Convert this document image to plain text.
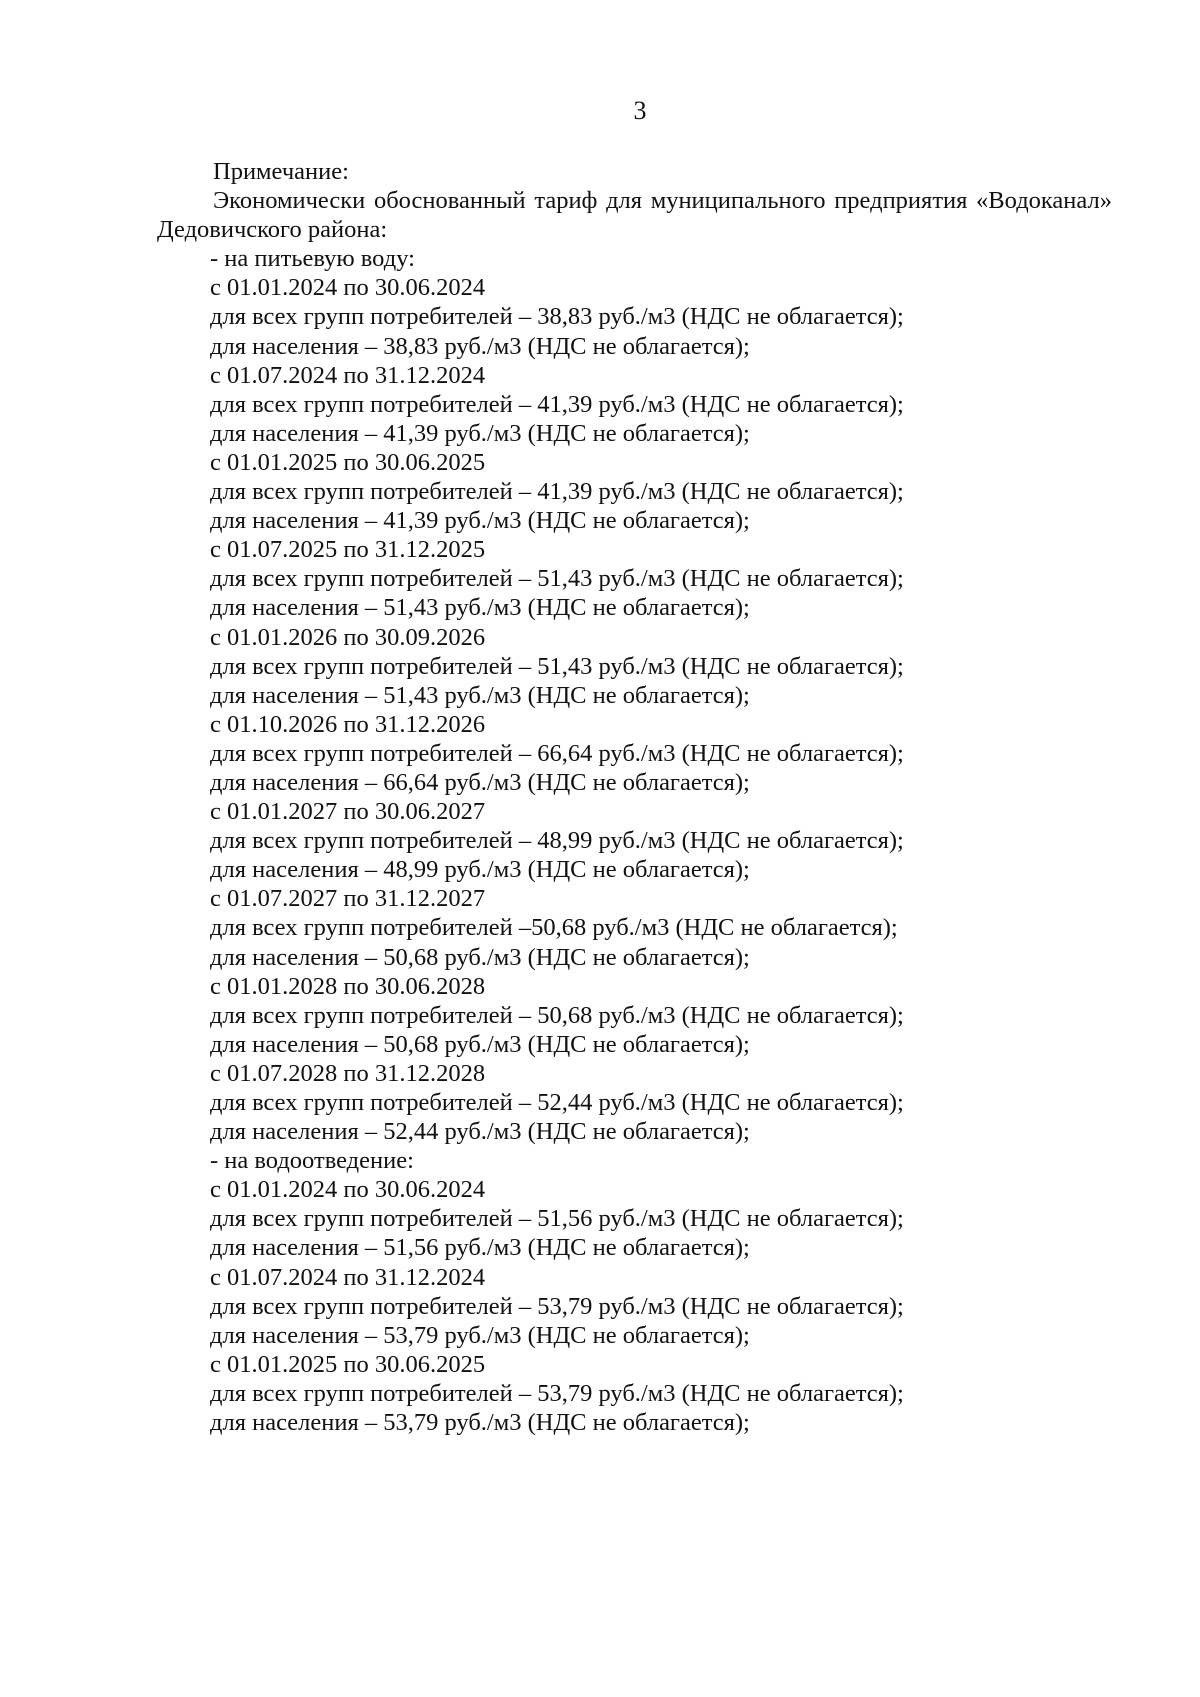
3
Примечание:
Экономически обоснованный тариф для муниципального предприятия «Водоканал»
Дедовичского района:
- на питьевую воду:
с 01.01.2024 по 30.06.2024
для всех групп потребителей – 38,83 руб./м3 (НДС не облагается);
для населения – 38,83 руб./м3 (НДС не облагается);
с 01.07.2024 по 31.12.2024
для всех групп потребителей – 41,39 руб./м3 (НДС не облагается);
для населения – 41,39 руб./м3 (НДС не облагается);
с 01.01.2025 по 30.06.2025
для всех групп потребителей – 41,39 руб./м3 (НДС не облагается);
для населения – 41,39 руб./м3 (НДС не облагается);
с 01.07.2025 по 31.12.2025
для всех групп потребителей – 51,43 руб./м3 (НДС не облагается);
для населения – 51,43 руб./м3 (НДС не облагается);
с 01.01.2026 по 30.09.2026
для всех групп потребителей – 51,43 руб./м3 (НДС не облагается);
для населения – 51,43 руб./м3 (НДС не облагается);
с 01.10.2026 по 31.12.2026
для всех групп потребителей – 66,64 руб./м3 (НДС не облагается);
для населения – 66,64 руб./м3 (НДС не облагается);
с 01.01.2027 по 30.06.2027
для всех групп потребителей – 48,99 руб./м3 (НДС не облагается);
для населения – 48,99 руб./м3 (НДС не облагается);
с 01.07.2027 по 31.12.2027
для всех групп потребителей –50,68 руб./м3 (НДС не облагается);
для населения – 50,68 руб./м3 (НДС не облагается);
с 01.01.2028 по 30.06.2028
для всех групп потребителей – 50,68 руб./м3 (НДС не облагается);
для населения – 50,68 руб./м3 (НДС не облагается);
с 01.07.2028 по 31.12.2028
для всех групп потребителей – 52,44 руб./м3 (НДС не облагается);
для населения – 52,44 руб./м3 (НДС не облагается);
- на водоотведение:
с 01.01.2024 по 30.06.2024
для всех групп потребителей – 51,56 руб./м3 (НДС не облагается);
для населения – 51,56 руб./м3 (НДС не облагается);
с 01.07.2024 по 31.12.2024
для всех групп потребителей – 53,79 руб./м3 (НДС не облагается);
для населения – 53,79 руб./м3 (НДС не облагается);
с 01.01.2025 по 30.06.2025
для всех групп потребителей – 53,79 руб./м3 (НДС не облагается);
для населения – 53,79 руб./м3 (НДС не облагается);
